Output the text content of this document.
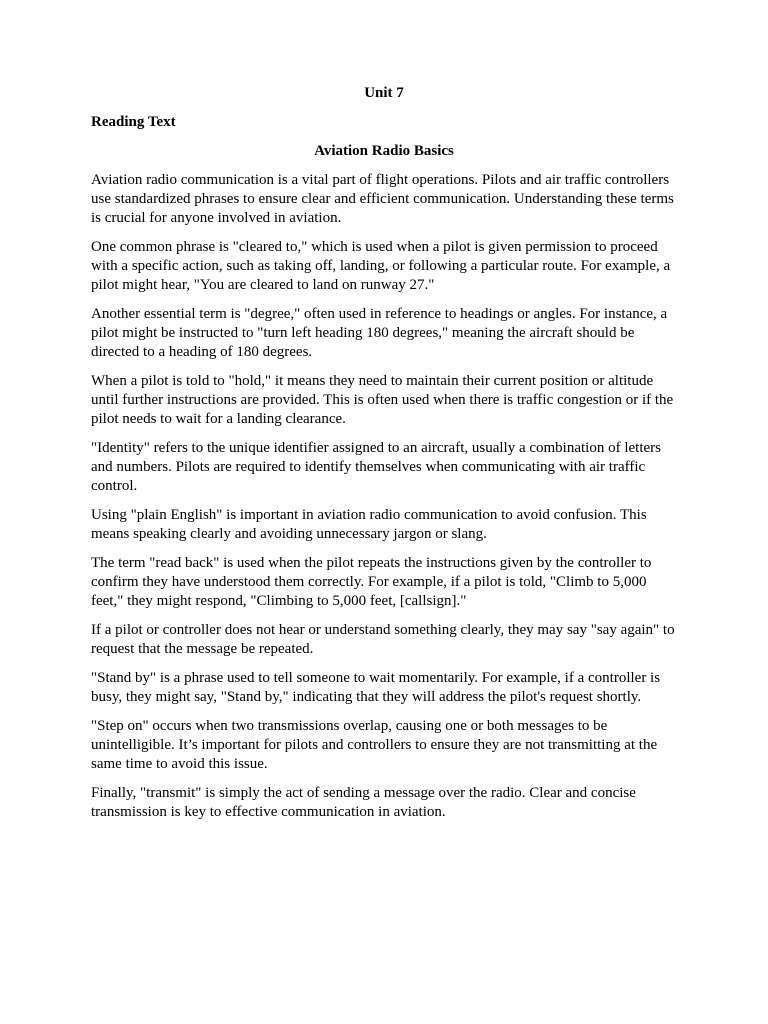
Unit 7
Reading Text
Aviation Radio Basics

Aviation radio communication is a vital part of flight operations. Pilots and air traffic controllers use standardized phrases to ensure clear and efficient communication. Understanding these terms is crucial for anyone involved in aviation.

One common phrase is "cleared to," which is used when a pilot is given permission to proceed with a specific action, such as taking off, landing, or following a particular route. For example, a pilot might hear, "You are cleared to land on runway 27."

Another essential term is "degree," often used in reference to headings or angles. For instance, a pilot might be instructed to "turn left heading 180 degrees," meaning the aircraft should be directed to a heading of 180 degrees.

When a pilot is told to "hold," it means they need to maintain their current position or altitude until further instructions are provided. This is often used when there is traffic congestion or if the pilot needs to wait for a landing clearance.

"Identity" refers to the unique identifier assigned to an aircraft, usually a combination of letters and numbers. Pilots are required to identify themselves when communicating with air traffic control.

Using "plain English" is important in aviation radio communication to avoid confusion. This means speaking clearly and avoiding unnecessary jargon or slang.

The term "read back" is used when the pilot repeats the instructions given by the controller to confirm they have understood them correctly. For example, if a pilot is told, "Climb to 5,000 feet," they might respond, "Climbing to 5,000 feet, [callsign]."

If a pilot or controller does not hear or understand something clearly, they may say "say again" to request that the message be repeated.

"Stand by" is a phrase used to tell someone to wait momentarily. For example, if a controller is busy, they might say, "Stand by," indicating that they will address the pilot's request shortly.

"Step on" occurs when two transmissions overlap, causing one or both messages to be unintelligible. It’s important for pilots and controllers to ensure they are not transmitting at the same time to avoid this issue.

Finally, "transmit" is simply the act of sending a message over the radio. Clear and concise transmission is key to effective communication in aviation.
